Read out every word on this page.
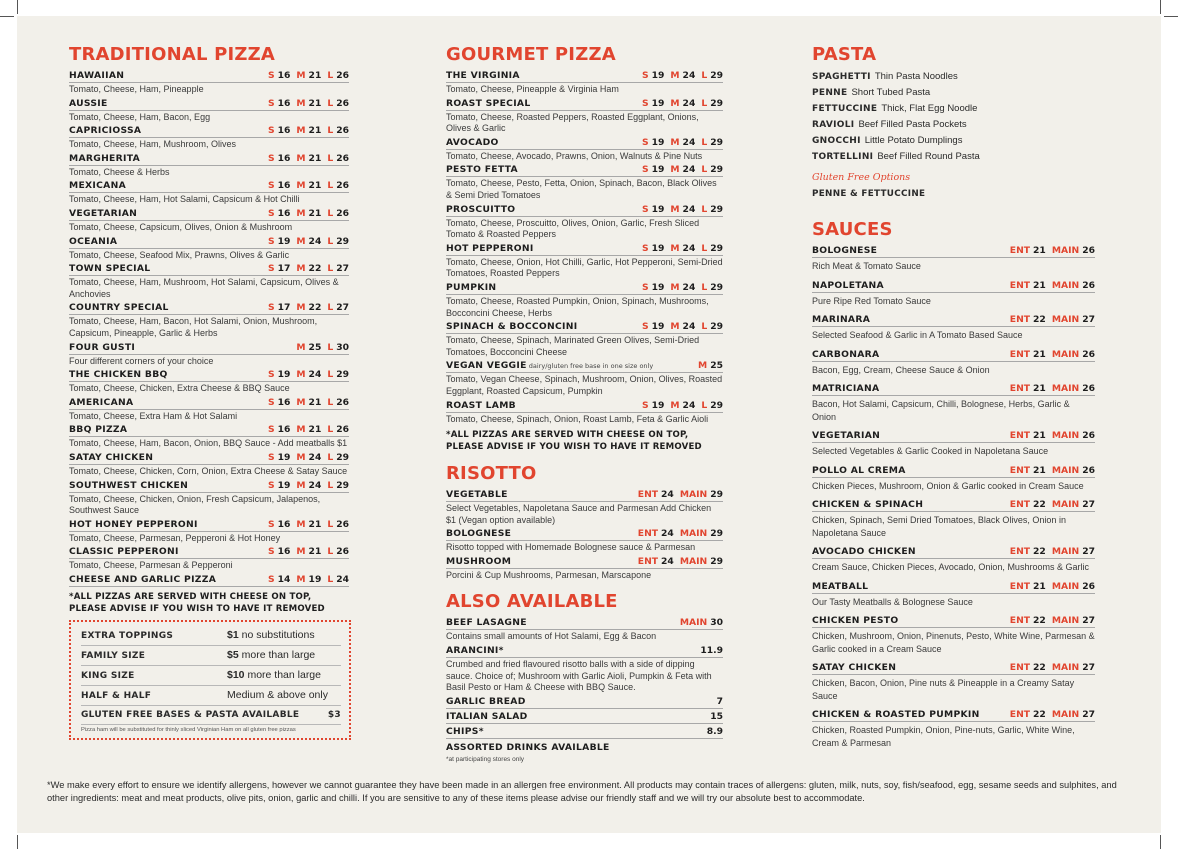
TRADITIONAL PIZZA
HAWAIIAN	S 16 M 21 L 26
Tomato, Cheese, Ham, Pineapple
AUSSIE	S 16 M 21 L 26
Tomato, Cheese, Ham, Bacon, Egg
CAPRICIOSSA	S 16 M 21 L 26
Tomato, Cheese, Ham, Mushroom, Olives
MARGHERITA	S 16 M 21 L 26
Tomato, Cheese & Herbs
MEXICANA	S 16 M 21 L 26
Tomato, Cheese, Ham, Hot Salami, Capsicum & Hot Chilli
VEGETARIAN	S 16 M 21 L 26
Tomato, Cheese, Capsicum, Olives, Onion & Mushroom
OCEANIA	S 19 M 24 L 29
Tomato, Cheese, Seafood Mix, Prawns, Olives & Garlic
TOWN SPECIAL	S 17 M 22 L 27
Tomato, Cheese, Ham, Mushroom, Hot Salami, Capsicum, Olives & Anchovies
COUNTRY SPECIAL	S 17 M 22 L 27
Tomato, Cheese, Ham, Bacon, Hot Salami, Onion, Mushroom, Capsicum, Pineapple, Garlic & Herbs
FOUR GUSTI	M 25 L 30
Four different corners of your choice
THE CHICKEN BBQ	S 19 M 24 L 29
Tomato, Cheese, Chicken, Extra Cheese & BBQ Sauce
AMERICANA	S 16 M 21 L 26
Tomato, Cheese, Extra Ham & Hot Salami
BBQ PIZZA	S 16 M 21 L 26
Tomato, Cheese, Ham, Bacon, Onion, BBQ Sauce - Add meatballs $1
SATAY CHICKEN	S 19 M 24 L 29
Tomato, Cheese, Chicken, Corn, Onion, Extra Cheese & Satay Sauce
SOUTHWEST CHICKEN	S 19 M 24 L 29
Tomato, Cheese, Chicken, Onion, Fresh Capsicum, Jalapenos, Southwest Sauce
HOT HONEY PEPPERONI	S 16 M 21 L 26
Tomato, Cheese, Parmesan, Pepperoni & Hot Honey
CLASSIC PEPPERONI	S 16 M 21 L 26
Tomato, Cheese, Parmesan & Pepperoni
CHEESE AND GARLIC PIZZA	S 14 M 19 L 24
*ALL PIZZAS ARE SERVED WITH CHEESE ON TOP, PLEASE ADVISE IF YOU WISH TO HAVE IT REMOVED
EXTRA TOPPINGS	$1 no substitutions
FAMILY SIZE	$5 more than large
KING SIZE	$10 more than large
HALF & HALF	Medium & above only
GLUTEN FREE BASES & PASTA AVAILABLE	$3
Pizza ham will be substituted for thinly sliced Virginian Ham on all gluten free pizzas
GOURMET PIZZA
THE VIRGINIA	S 19 M 24 L 29
Tomato, Cheese, Pineapple & Virginia Ham
ROAST SPECIAL	S 19 M 24 L 29
Tomato, Cheese, Roasted Peppers, Roasted Eggplant, Onions, Olives & Garlic
AVOCADO	S 19 M 24 L 29
Tomato, Cheese, Avocado, Prawns, Onion, Walnuts & Pine Nuts
PESTO FETTA	S 19 M 24 L 29
Tomato, Cheese, Pesto, Fetta, Onion, Spinach, Bacon, Black Olives & Semi Dried Tomatoes
PROSCUITTO	S 19 M 24 L 29
Tomato, Cheese, Proscuitto, Olives, Onion, Garlic, Fresh Sliced Tomato & Roasted Peppers
HOT PEPPERONI	S 19 M 24 L 29
Tomato, Cheese, Onion, Hot Chilli, Garlic, Hot Pepperoni, Semi-Dried Tomatoes, Roasted Peppers
PUMPKIN	S 19 M 24 L 29
Tomato, Cheese, Roasted Pumpkin, Onion, Spinach, Mushrooms, Bocconcini Cheese, Herbs
SPINACH & BOCCONCINI	S 19 M 24 L 29
Tomato, Cheese, Spinach, Marinated Green Olives, Semi-Dried Tomatoes, Bocconcini Cheese
VEGAN VEGGIE dairy/gluten free base in one size only	M 25
Tomato, Vegan Cheese, Spinach, Mushroom, Onion, Olives, Roasted Eggplant, Roasted Capsicum, Pumpkin
ROAST LAMB	S 19 M 24 L 29
Tomato, Cheese, Spinach, Onion, Roast Lamb, Feta & Garlic Aioli
*ALL PIZZAS ARE SERVED WITH CHEESE ON TOP, PLEASE ADVISE IF YOU WISH TO HAVE IT REMOVED
RISOTTO
VEGETABLE	ENT 24 MAIN 29
Select Vegetables, Napoletana Sauce and Parmesan Add Chicken $1 (Vegan option available)
BOLOGNESE	ENT 24 MAIN 29
Risotto topped with Homemade Bolognese sauce & Parmesan
MUSHROOM	ENT 24 MAIN 29
Porcini & Cup Mushrooms, Parmesan, Marscapone
ALSO AVAILABLE
BEEF LASAGNE	MAIN 30
Contains small amounts of Hot Salami, Egg & Bacon
ARANCINI*	11.9
Crumbed and fried flavoured risotto balls with a side of dipping sauce. Choice of; Mushroom with Garlic Aioli, Pumpkin & Feta with Basil Pesto or Ham & Cheese with BBQ Sauce.
GARLIC BREAD	7
ITALIAN SALAD	15
CHIPS*	8.9
ASSORTED DRINKS AVAILABLE
*at participating stores only
PASTA
SPAGHETTI Thin Pasta Noodles
PENNE Short Tubed Pasta
FETTUCCINE Thick, Flat Egg Noodle
RAVIOLI Beef Filled Pasta Pockets
GNOCCHI Little Potato Dumplings
TORTELLINI Beef Filled Round Pasta
Gluten Free Options
PENNE & FETTUCCINE
SAUCES
BOLOGNESE	ENT 21 MAIN 26
Rich Meat & Tomato Sauce
NAPOLETANA	ENT 21 MAIN 26
Pure Ripe Red Tomato Sauce
MARINARA	ENT 22 MAIN 27
Selected Seafood & Garlic in A Tomato Based Sauce
CARBONARA	ENT 21 MAIN 26
Bacon, Egg, Cream, Cheese Sauce & Onion
MATRICIANA	ENT 21 MAIN 26
Bacon, Hot Salami, Capsicum, Chilli, Bolognese, Herbs, Garlic & Onion
VEGETARIAN	ENT 21 MAIN 26
Selected Vegetables & Garlic Cooked in Napoletana Sauce
POLLO AL CREMA	ENT 21 MAIN 26
Chicken Pieces, Mushroom, Onion & Garlic cooked in Cream Sauce
CHICKEN & SPINACH	ENT 22 MAIN 27
Chicken, Spinach, Semi Dried Tomatoes, Black Olives, Onion in Napoletana Sauce
AVOCADO CHICKEN	ENT 22 MAIN 27
Cream Sauce, Chicken Pieces, Avocado, Onion, Mushrooms & Garlic
MEATBALL	ENT 21 MAIN 26
Our Tasty Meatballs & Bolognese Sauce
CHICKEN PESTO	ENT 22 MAIN 27
Chicken, Mushroom, Onion, Pinenuts, Pesto, White Wine, Parmesan & Garlic cooked in a Cream Sauce
SATAY CHICKEN	ENT 22 MAIN 27
Chicken, Bacon, Onion, Pine nuts & Pineapple in a Creamy Satay Sauce
CHICKEN & ROASTED PUMPKIN	ENT 22 MAIN 27
Chicken, Roasted Pumpkin, Onion, Pine-nuts, Garlic, White Wine, Cream & Parmesan
*We make every effort to ensure we identify allergens, however we cannot guarantee they have been made in an allergen free environment. All products may contain traces of allergens: gluten, milk, nuts, soy, fish/seafood, egg, sesame seeds and sulphites, and other ingredients: meat and meat products, olive pits, onion, garlic and chilli. If you are sensitive to any of these items please advise our friendly staff and we will try our absolute best to accommodate.
